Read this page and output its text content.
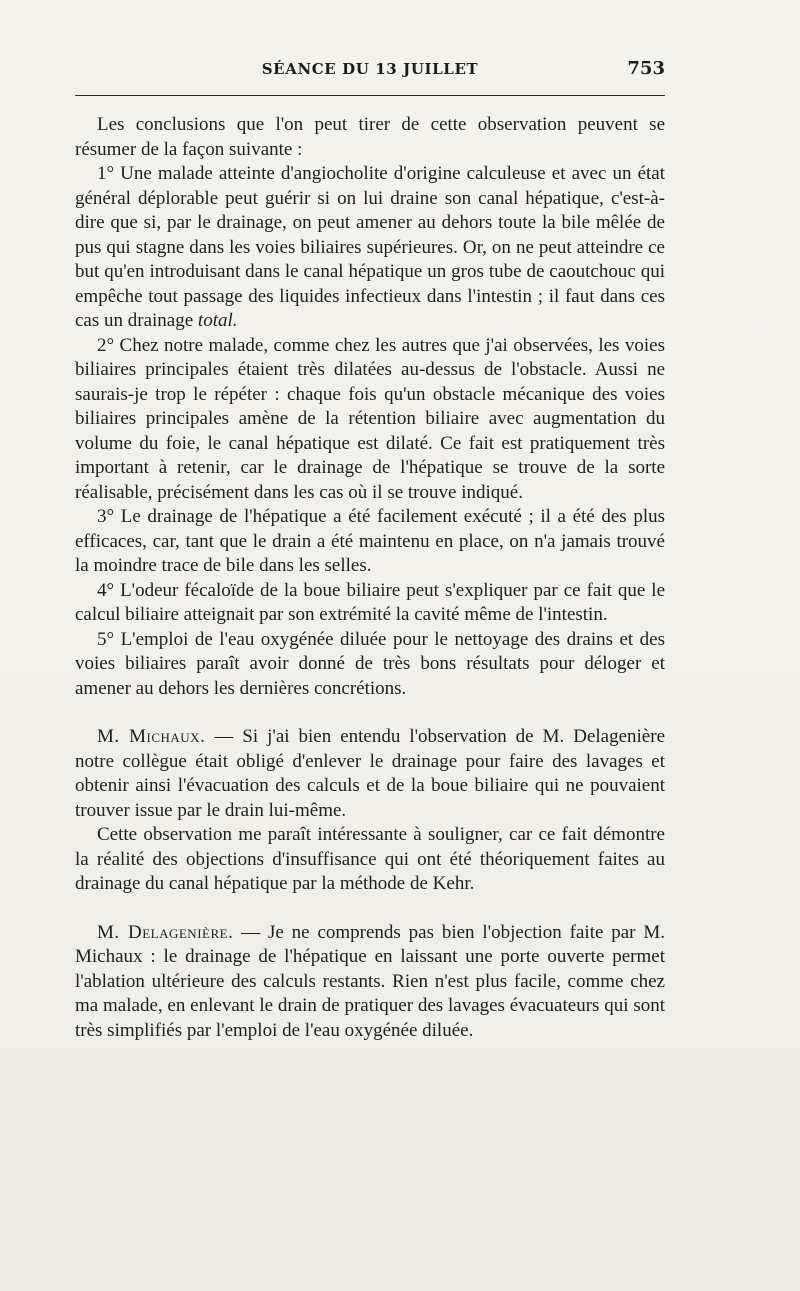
SÉANCE DU 13 JUILLET	753

Les conclusions que l'on peut tirer de cette observation peuvent se résumer de la façon suivante :

1° Une malade atteinte d'angiocholite d'origine calculeuse et avec un état général déplorable peut guérir si on lui draine son canal hépatique, c'est-à-dire que si, par le drainage, on peut amener au dehors toute la bile mêlée de pus qui stagne dans les voies biliaires supérieures. Or, on ne peut atteindre ce but qu'en introduisant dans le canal hépatique un gros tube de caoutchouc qui empêche tout passage des liquides infectieux dans l'intestin ; il faut dans ces cas un drainage total.

2° Chez notre malade, comme chez les autres que j'ai observées, les voies biliaires principales étaient très dilatées au-dessus de l'obstacle. Aussi ne saurais-je trop le répéter : chaque fois qu'un obstacle mécanique des voies biliaires principales amène de la rétention biliaire avec augmentation du volume du foie, le canal hépatique est dilaté. Ce fait est pratiquement très important à retenir, car le drainage de l'hépatique se trouve de la sorte réalisable, précisément dans les cas où il se trouve indiqué.

3° Le drainage de l'hépatique a été facilement exécuté ; il a été des plus efficaces, car, tant que le drain a été maintenu en place, on n'a jamais trouvé la moindre trace de bile dans les selles.

4° L'odeur fécaloïde de la boue biliaire peut s'expliquer par ce fait que le calcul biliaire atteignait par son extrémité la cavité même de l'intestin.

5° L'emploi de l'eau oxygénée diluée pour le nettoyage des drains et des voies biliaires paraît avoir donné de très bons résultats pour déloger et amener au dehors les dernières concrétions.

M. Michaux. — Si j'ai bien entendu l'observation de M. Delagenière notre collègue était obligé d'enlever le drainage pour faire des lavages et obtenir ainsi l'évacuation des calculs et de la boue biliaire qui ne pouvaient trouver issue par le drain lui-même.

Cette observation me paraît intéressante à souligner, car ce fait démontre la réalité des objections d'insuffisance qui ont été théoriquement faites au drainage du canal hépatique par la méthode de Kehr.

M. Delagenière. — Je ne comprends pas bien l'objection faite par M. Michaux : le drainage de l'hépatique en laissant une porte ouverte permet l'ablation ultérieure des calculs restants. Rien n'est plus facile, comme chez ma malade, en enlevant le drain de pratiquer des lavages évacuateurs qui sont très simplifiés par l'emploi de l'eau oxygénée diluée.
